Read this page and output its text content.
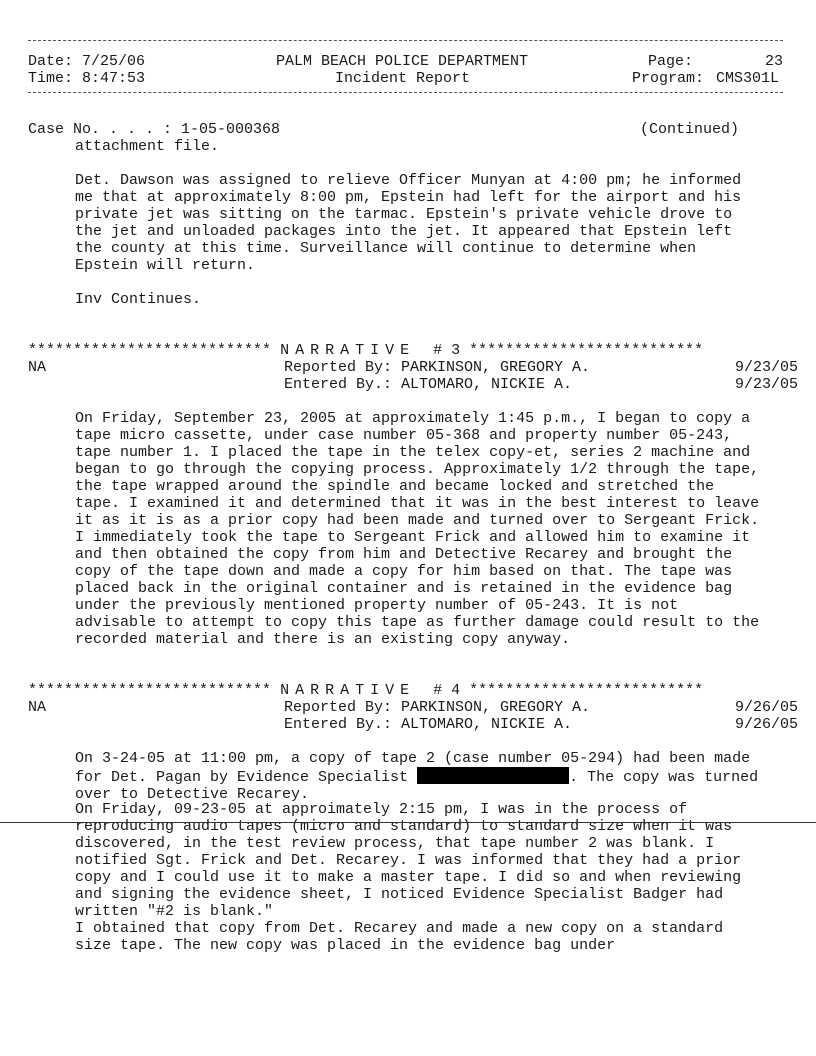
Date: 7/25/06
Time: 8:47:53
PALM BEACH POLICE DEPARTMENT
Incident Report
Page:	23
Program: CMS301L
Case No. . . . : 1-05-000368	(Continued)
attachment file.
Det. Dawson was assigned to relieve Officer Munyan at 4:00 pm; he informed me that at approximately 8:00 pm, Epstein had left for the airport and his private jet was sitting on the tarmac. Epstein's private vehicle drove to the jet and unloaded packages into the jet. It appeared that Epstein left the county at this time. Surveillance will continue to determine when Epstein will return.
Inv Continues.
*************************** NARRATIVE # 3 **************************
NA	Reported By: PARKINSON, GREGORY A.	9/23/05
Entered By.: ALTOMARO, NICKIE A.	9/23/05
On Friday, September 23, 2005 at approximately 1:45 p.m., I began to copy a tape micro cassette, under case number 05-368 and property number 05-243, tape number 1. I placed the tape in the telex copy-et, series 2 machine and began to go through the copying process. Approximately 1/2 through the tape, the tape wrapped around the spindle and became locked and stretched the tape. I examined it and determined that it was in the best interest to leave it as it is as a prior copy had been made and turned over to Sergeant Frick. I immediately took the tape to Sergeant Frick and allowed him to examine it and then obtained the copy from him and Detective Recarey and brought the copy of the tape down and made a copy for him based on that. The tape was placed back in the original container and is retained in the evidence bag under the previously mentioned property number of 05-243. It is not advisable to attempt to copy this tape as further damage could result to the recorded material and there is an existing copy anyway.
*************************** NARRATIVE # 4 **************************
NA	Reported By: PARKINSON, GREGORY A.	9/26/05
Entered By.: ALTOMARO, NICKIE A.	9/26/05
On 3-24-05 at 11:00 pm, a copy of tape 2 (case number 05-294) had been made for Det. Pagan by Evidence Specialist	. The copy was turned over to Detective Recarey.
On Friday, 09-23-05 at approimately 2:15 pm, I was in the process of reproducing audio tapes (micro and standard) to standard size when it was discovered, in the test review process, that tape number 2 was blank. I notified Sgt. Frick and Det. Recarey. I was informed that they had a prior copy and I could use it to make a master tape. I did so and when reviewing and signing the evidence sheet, I noticed Evidence Specialist Badger had written "#2 is blank."
I obtained that copy from Det. Recarey and made a new copy on a standard size tape. The new copy was placed in the evidence bag under
